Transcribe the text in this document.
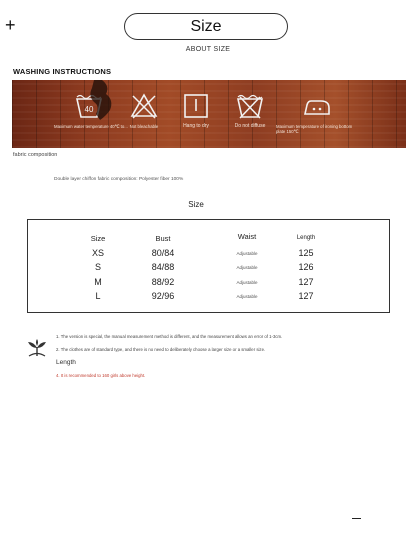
+	Size
ABOUT SIZE
WASHING INSTRUCTIONS
40
Maximum water temperature 40℃ to... Not bleachable	Hang to dry	Do not diffuse	Maximum temperature of ironing bottom plate 150℃
fabric composition
Double layer chiffon fabric composition: Polyester fiber 100%
Size
Size	Bust	Waist	Length
XS	80/84	Adjustable	125
S	84/88	Adjustable	126
M	88/92	Adjustable	127
L	92/96	Adjustable	127
1. The version is special, the manual measurement method is different, and the measurement allows an error of 1-3cm.
2. The clothes are of standard type, and there is no need to deliberately choose a larger size or a smaller size.
Length
4. It is recommended to 160 girls above height.
